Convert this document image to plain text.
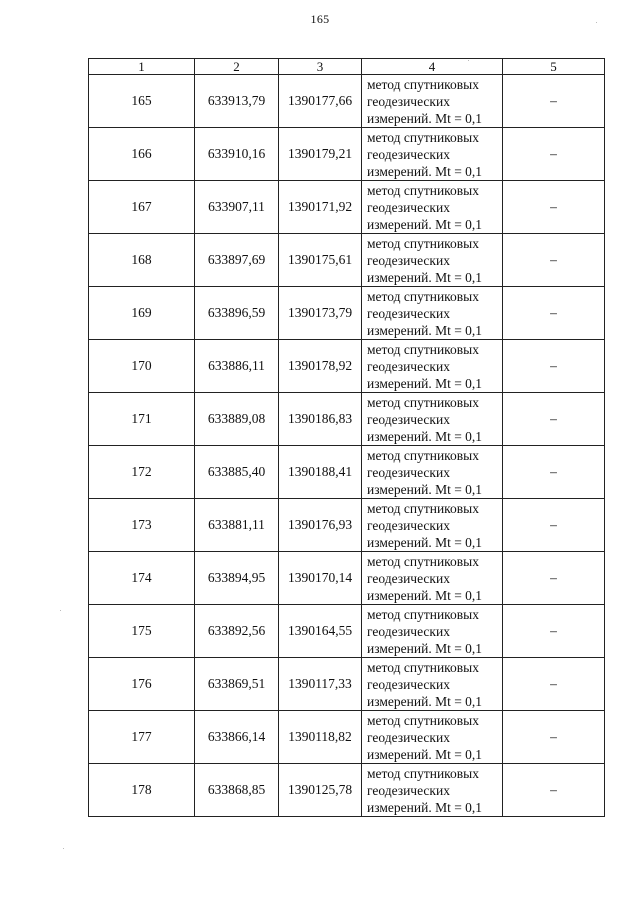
165
1	2	3	4	5
165	633913,79	1390177,66	метод спутниковых
геодезических
измерений. Mt = 0,1	–
166	633910,16	1390179,21	метод спутниковых
геодезических
измерений. Mt = 0,1	–
167	633907,11	1390171,92	метод спутниковых
геодезических
измерений. Mt = 0,1	–
168	633897,69	1390175,61	метод спутниковых
геодезических
измерений. Mt = 0,1	–
169	633896,59	1390173,79	метод спутниковых
геодезических
измерений. Mt = 0,1	–
170	633886,11	1390178,92	метод спутниковых
геодезических
измерений. Mt = 0,1	–
171	633889,08	1390186,83	метод спутниковых
геодезических
измерений. Mt = 0,1	–
172	633885,40	1390188,41	метод спутниковых
геодезических
измерений. Mt = 0,1	–
173	633881,11	1390176,93	метод спутниковых
геодезических
измерений. Mt = 0,1	–
174	633894,95	1390170,14	метод спутниковых
геодезических
измерений. Mt = 0,1	–
175	633892,56	1390164,55	метод спутниковых
геодезических
измерений. Mt = 0,1	–
176	633869,51	1390117,33	метод спутниковых
геодезических
измерений. Mt = 0,1	–
177	633866,14	1390118,82	метод спутниковых
геодезических
измерений. Mt = 0,1	–
178	633868,85	1390125,78	метод спутниковых
геодезических
измерений. Mt = 0,1	–
